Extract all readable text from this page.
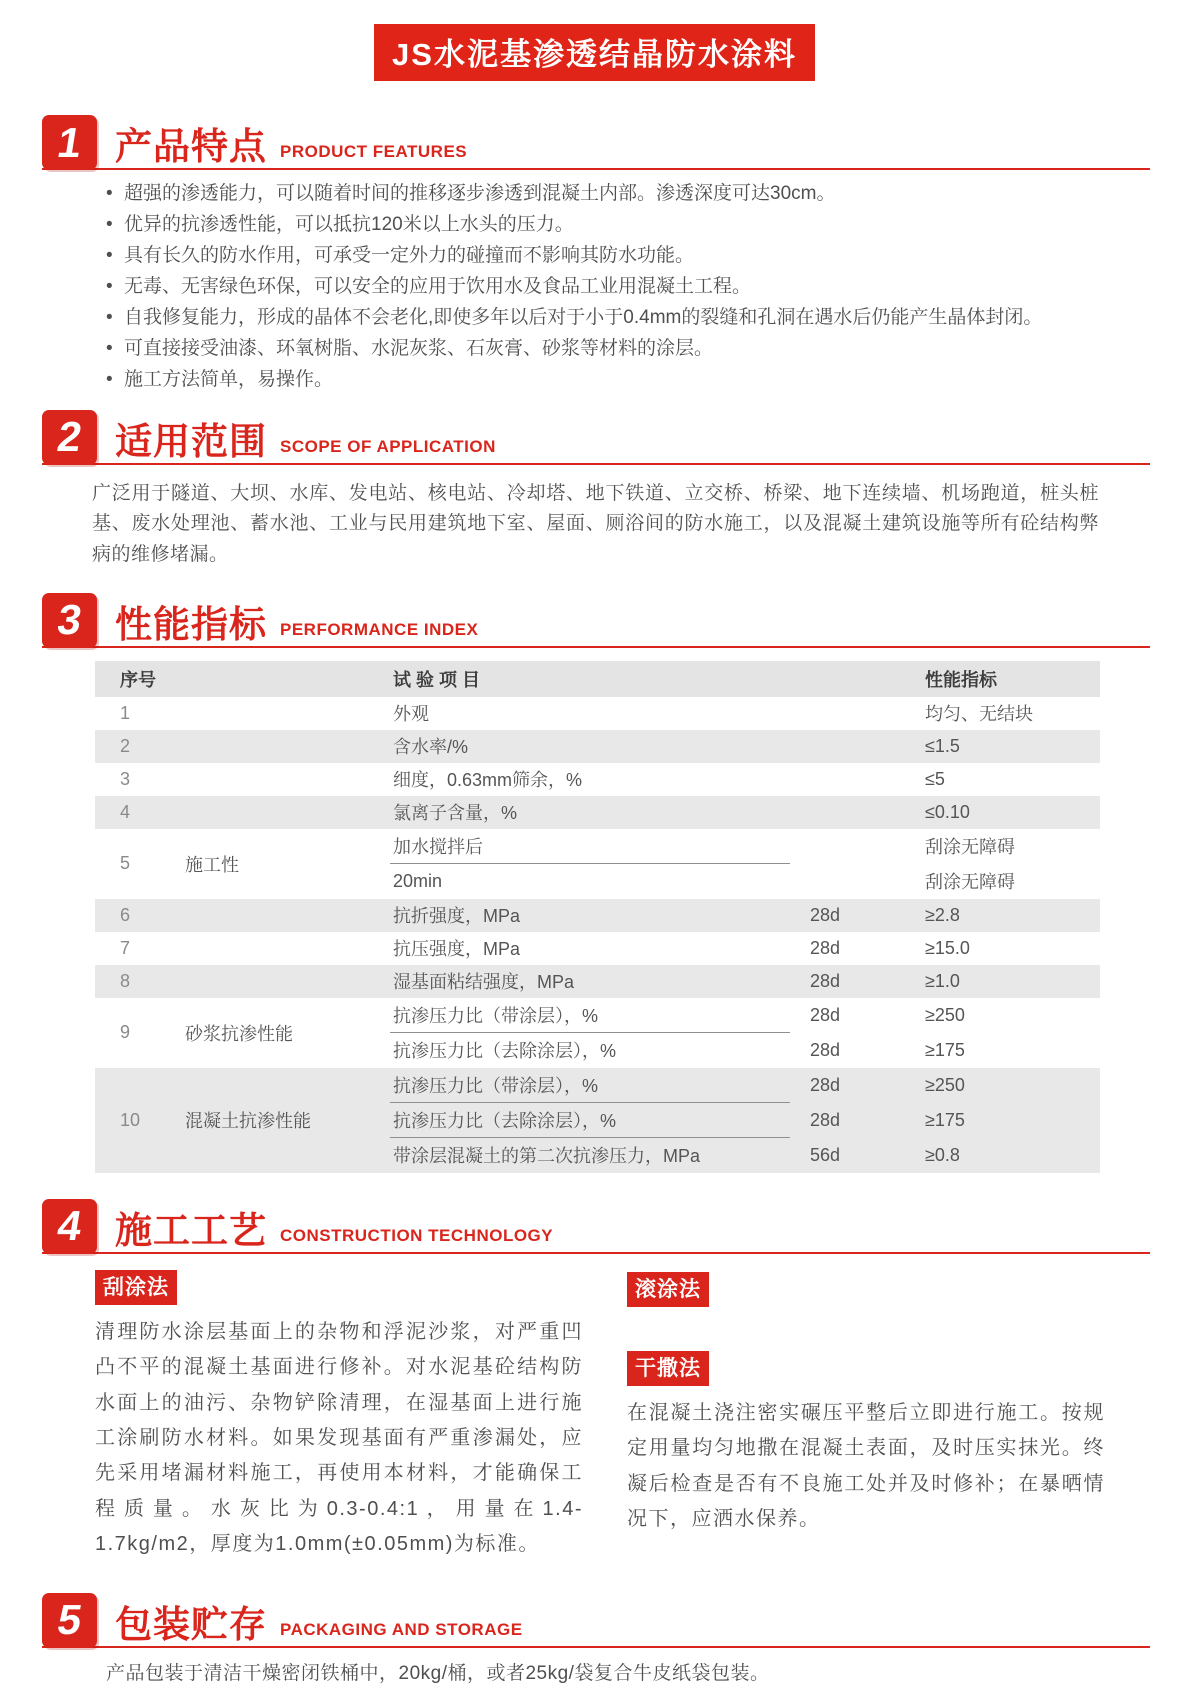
JS水泥基渗透结晶防水涂料
1 产品特点 PRODUCT FEATURES
• 超强的渗透能力，可以随着时间的推移逐步渗透到混凝土内部。渗透深度可达30cm。
• 优异的抗渗透性能，可以抵抗120米以上水头的压力。
• 具有长久的防水作用，可承受一定外力的碰撞而不影响其防水功能。
• 无毒、无害绿色环保，可以安全的应用于饮用水及食品工业用混凝土工程。
• 自我修复能力，形成的晶体不会老化,即使多年以后对于小于0.4mm的裂缝和孔洞在遇水后仍能产生晶体封闭。
• 可直接接受油漆、环氧树脂、水泥灰浆、石灰膏、砂浆等材料的涂层。
• 施工方法简单，易操作。
2 适用范围 SCOPE OF APPLICATION

广泛用于隧道、大坝、水库、发电站、核电站、冷却塔、地下铁道、立交桥、桥梁、地下连续墙、机场跑道，桩头桩基、废水处理池、蓄水池、工业与民用建筑地下室、屋面、厕浴间的防水施工，以及混凝土建筑设施等所有砼结构弊病的维修堵漏。

3 性能指标 PERFORMANCE INDEX
序号	试 验 项 目	性能指标
1	外观	均匀、无结块
2	含水率/%	≤1.5
3	细度，0.63mm筛余，%	≤5
4	氯离子含量，%	≤0.10
5	施工性
加水搅拌后	刮涂无障碍
20min	刮涂无障碍
6	抗折强度，MPa	28d	≥2.8
7	抗压强度，MPa	28d	≥15.0
8	湿基面粘结强度，MPa	28d	≥1.0
9	砂浆抗渗性能
抗渗压力比（带涂层），%	28d	≥250
抗渗压力比（去除涂层），%	28d	≥175
10	混凝土抗渗性能
抗渗压力比（带涂层），%	28d	≥250
抗渗压力比（去除涂层），%	28d	≥175
带涂层混凝土的第二次抗渗压力，MPa	56d	≥0.8
4 施工工艺 CONSTRUCTION TECHNOLOGY
刮涂法

清理防水涂层基面上的杂物和浮泥沙浆，对严重凹凸不平的混凝土基面进行修补。对水泥基砼结构防水面上的油污、杂物铲除清理，在湿基面上进行施工涂刷防水材料。如果发现基面有严重渗漏处，应先采用堵漏材料施工，再使用本材料，才能确保工程质量。水灰比为0.3-0.4:1，用量在1.4-1.7kg/m2，厚度为1.0mm(±0.05mm)为标准。

滚涂法
干撒法

在混凝土浇注密实碾压平整后立即进行施工。按规定用量均匀地撒在混凝土表面，及时压实抹光。终凝后检查是否有不良施工处并及时修补；在暴晒情况下，应洒水保养。

5 包装贮存 PACKAGING AND STORAGE

产品包装于清洁干燥密闭铁桶中，20kg/桶，或者25kg/袋复合牛皮纸袋包装。
